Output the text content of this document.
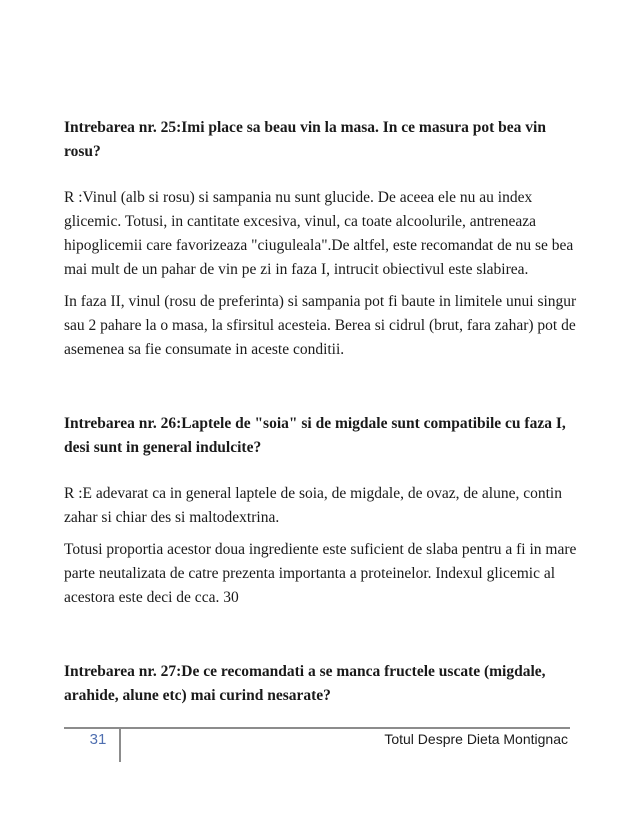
Intrebarea nr. 25:Imi place sa beau vin la masa. In ce masura pot bea vin rosu?

R :Vinul (alb si rosu) si sampania nu sunt glucide. De aceea ele nu au index glicemic. Totusi, in cantitate excesiva, vinul, ca toate alcoolurile, antreneaza hipoglicemii care favorizeaza "ciuguleala".De altfel, este recomandat de nu se bea mai mult de un pahar de vin pe zi in faza I, intrucit obiectivul este slabirea.

In faza II, vinul (rosu de preferinta) si sampania pot fi baute in limitele unui singur sau 2 pahare la o masa, la sfirsitul acesteia. Berea si cidrul (brut, fara zahar) pot de asemenea sa fie consumate in aceste conditii.

Intrebarea nr. 26:Laptele de "soia" si de migdale sunt compatibile cu faza I, desi sunt in general indulcite?

R :E adevarat ca in general laptele de soia, de migdale, de ovaz, de alune, contin zahar si chiar des si maltodextrina.

Totusi proportia acestor doua ingrediente este suficient de slaba pentru a fi in mare parte neutalizata de catre prezenta importanta a proteinelor. Indexul glicemic al acestora este deci de cca. 30

Intrebarea nr. 27:De ce recomandati a se manca fructele uscate (migdale, arahide, alune etc) mai curind nesarate?

31	Totul Despre Dieta Montignac
